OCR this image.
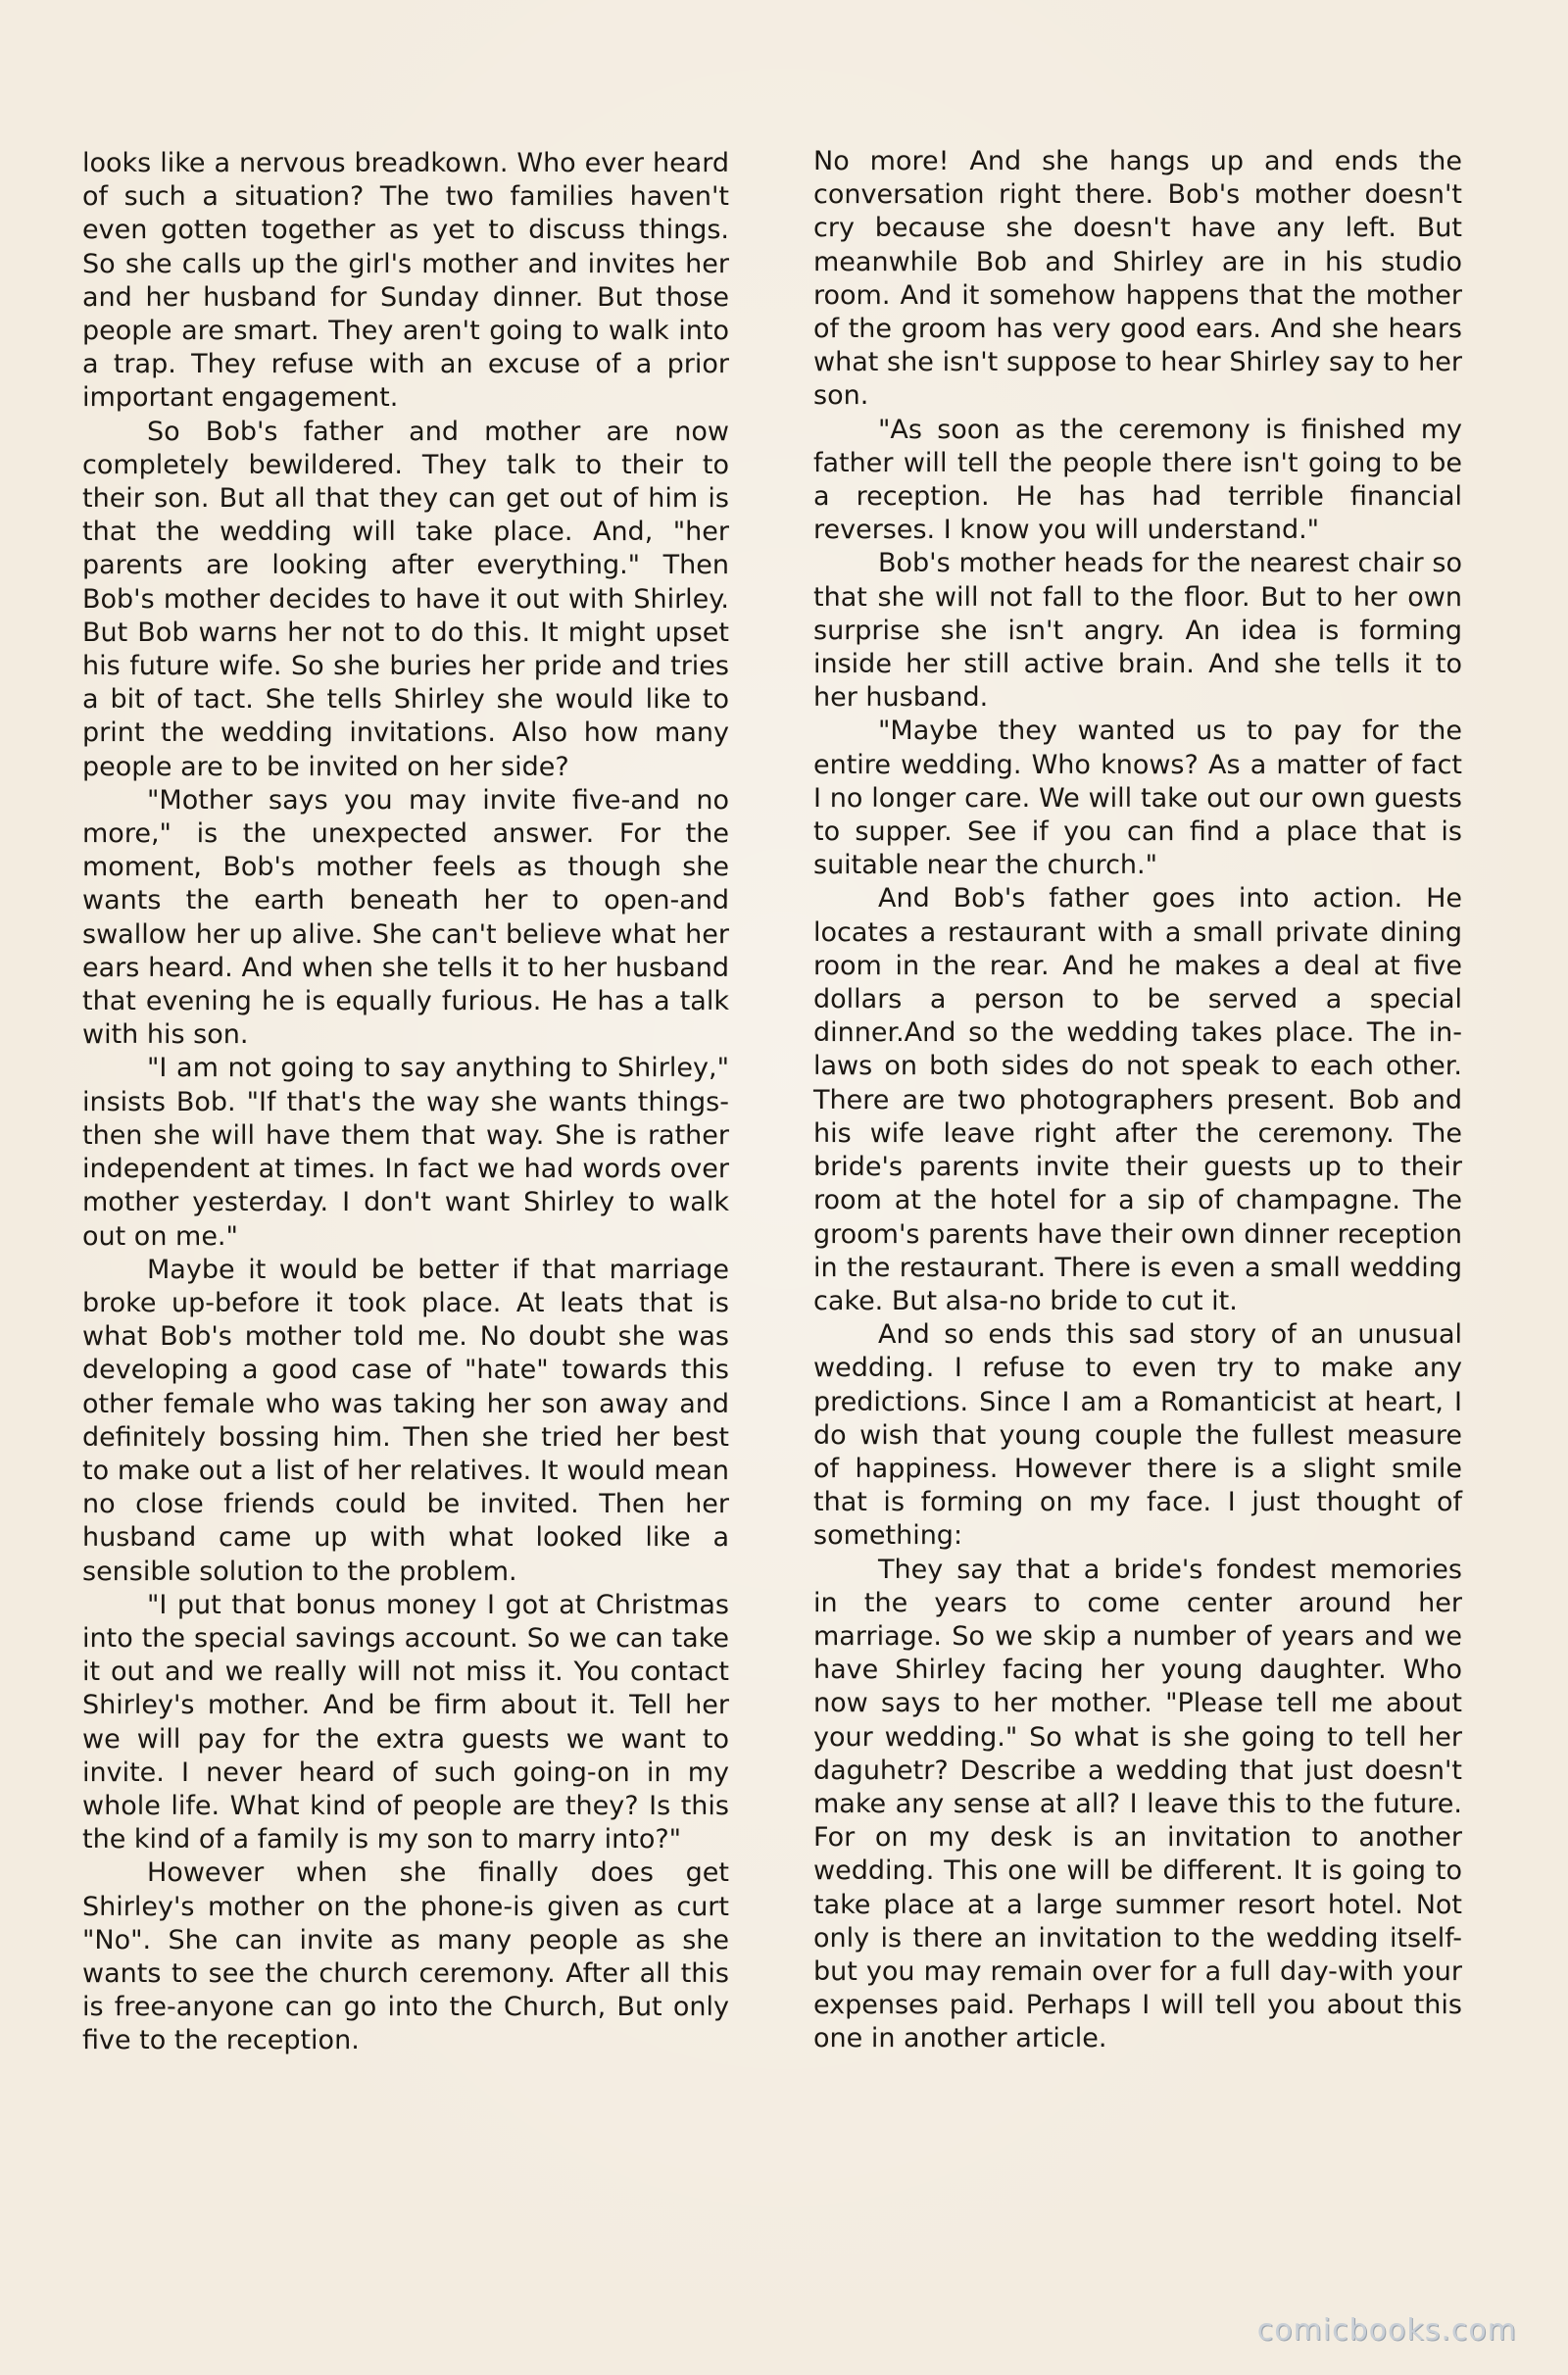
looks like a nervous breadkown. Who ever heard of such a situation? The two families haven't even gotten together as yet to discuss things. So she calls up the girl's mother and invites her and her husband for Sunday dinner. But those people are smart. They aren't going to walk into a trap. They refuse with an excuse of a prior important engagement.

So Bob's father and mother are now completely bewildered. They talk to their to their son. But all that they can get out of him is that the wedding will take place. And, "her parents are looking after everything." Then Bob's mother decides to have it out with Shirley. But Bob warns her not to do this. It might upset his future wife. So she buries her pride and tries a bit of tact. She tells Shirley she would like to print the wedding invitations. Also how many people are to be invited on her side?

"Mother says you may invite five-and no more," is the unexpected answer. For the moment, Bob's mother feels as though she wants the earth beneath her to open-and swallow her up alive. She can't believe what her ears heard. And when she tells it to her husband that evening he is equally furious. He has a talk with his son.

"I am not going to say anything to Shirley," insists Bob. "If that's the way she wants things-then she will have them that way. She is rather independent at times. In fact we had words over mother yesterday. I don't want Shirley to walk out on me."

Maybe it would be better if that marriage broke up-before it took place. At leats that is what Bob's mother told me. No doubt she was developing a good case of "hate" towards this other female who was taking her son away and definitely bossing him. Then she tried her best to make out a list of her relatives. It would mean no close friends could be invited. Then her husband came up with what looked like a sensible solution to the problem.

"I put that bonus money I got at Christmas into the special savings account. So we can take it out and we really will not miss it. You contact Shirley's mother. And be firm about it. Tell her we will pay for the extra guests we want to invite. I never heard of such going-on in my whole life. What kind of people are they? Is this the kind of a family is my son to marry into?"

However when she finally does get Shirley's mother on the phone-is given as curt "No". She can invite as many people as she wants to see the church ceremony. After all this is free-anyone can go into the Church, But only five to the reception.

No more! And she hangs up and ends the conversation right there. Bob's mother doesn't cry because she doesn't have any left. But meanwhile Bob and Shirley are in his studio room. And it somehow happens that the mother of the groom has very good ears. And she hears what she isn't suppose to hear Shirley say to her son.

"As soon as the ceremony is finished my father will tell the people there isn't going to be a reception. He has had terrible financial reverses. I know you will understand."

Bob's mother heads for the nearest chair so that she will not fall to the floor. But to her own surprise she isn't angry. An idea is forming inside her still active brain. And she tells it to her husband.

"Maybe they wanted us to pay for the entire wedding. Who knows? As a matter of fact I no longer care. We will take out our own guests to supper. See if you can find a place that is suitable near the church."

And Bob's father goes into action. He locates a restaurant with a small private dining room in the rear. And he makes a deal at five dollars a person to be served a special dinner.And so the wedding takes place. The in-laws on both sides do not speak to each other. There are two photographers present. Bob and his wife leave right after the ceremony. The bride's parents invite their guests up to their room at the hotel for a sip of champagne. The groom's parents have their own dinner reception in the restaurant. There is even a small wedding cake. But alsa-no bride to cut it.

And so ends this sad story of an unusual wedding. I refuse to even try to make any predictions. Since I am a Romanticist at heart, I do wish that young couple the fullest measure of happiness. However there is a slight smile that is forming on my face. I just thought of something:

They say that a bride's fondest memories in the years to come center around her marriage. So we skip a number of years and we have Shirley facing her young daughter. Who now says to her mother. "Please tell me about your wedding." So what is she going to tell her daguhetr? Describe a wedding that just doesn't make any sense at all? I leave this to the future. For on my desk is an invitation to another wedding. This one will be different. It is going to take place at a large summer resort hotel. Not only is there an invitation to the wedding itself-but you may remain over for a full day-with your expenses paid. Perhaps I will tell you about this one in another article.

comicbooks.com
